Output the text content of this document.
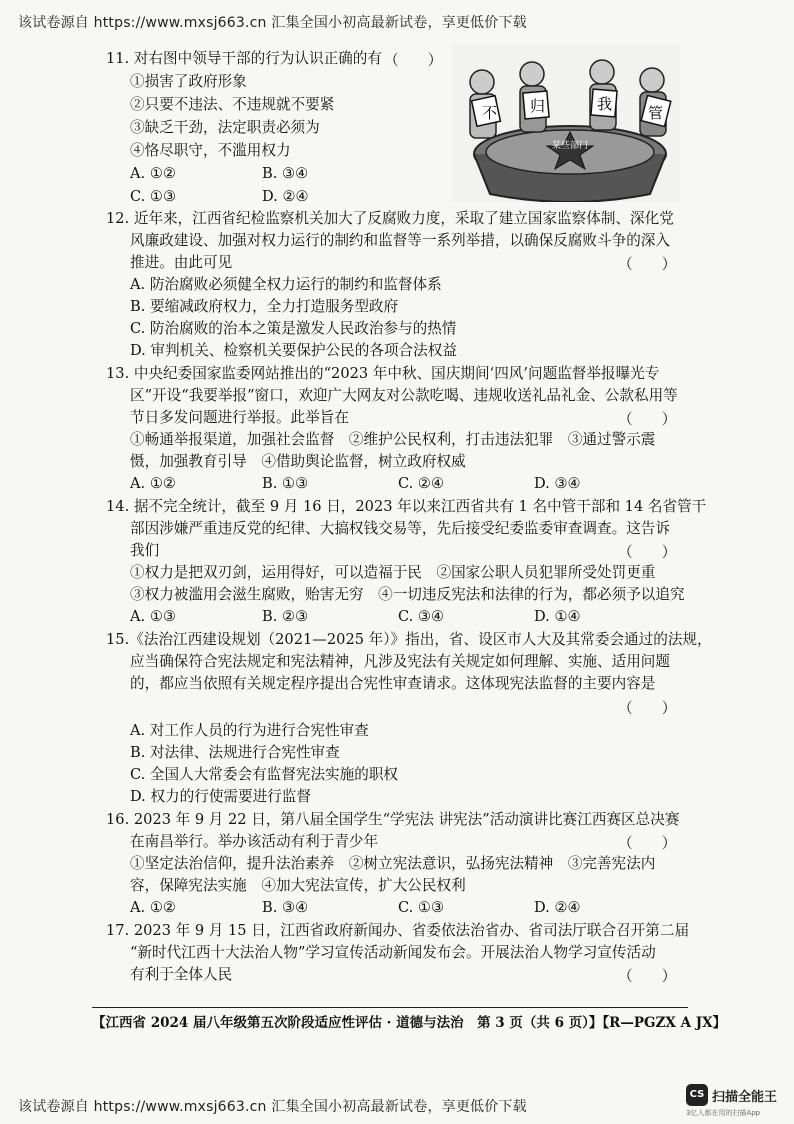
该试卷源自 https://www.mxsj663.cn 汇集全国小初高最新试卷，享更低价下载
不 归	我 管
某些部门
11. 对右图中领导干部的行为认识正确的有
①损害了政府形象
②只要不违法、不违规就不要紧
③缺乏干劲，法定职责必须为
④恪尽职守，不滥用权力
A. ①②	B. ③④
C. ①③	D. ②④
12. 近年来，江西省纪检监察机关加大了反腐败力度，采取了建立国家监察体制、深化党
风廉政建设、加强对权力运行的制约和监督等一系列举措，以确保反腐败斗争的深入
推进。由此可见
A. 防治腐败必须健全权力运行的制约和监督体系
B. 要缩减政府权力，全力打造服务型政府
C. 防治腐败的治本之策是激发人民政治参与的热情
D. 审判机关、检察机关要保护公民的各项合法权益
13. 中央纪委国家监委网站推出的“2023 年中秋、国庆期间‘四风’问题监督举报曝光专
区”开设“我要举报”窗口，欢迎广大网友对公款吃喝、违规收送礼品礼金、公款私用等
节日多发问题进行举报。此举旨在
①畅通举报渠道，加强社会监督　②维护公民权利，打击违法犯罪　③通过警示震
慑，加强教育引导　④借助舆论监督，树立政府权威
A. ①②	B. ①③	C. ②④	D. ③④
14. 据不完全统计，截至 9 月 16 日，2023 年以来江西省共有 1 名中管干部和 14 名省管干
部因涉嫌严重违反党的纪律、大搞权钱交易等，先后接受纪委监委审查调查。这告诉
我们
①权力是把双刃剑，运用得好，可以造福于民　②国家公职人员犯罪所受处罚更重
③权力被滥用会滋生腐败，贻害无穷　④一切违反宪法和法律的行为，都必须予以追究
A. ①③	B. ②③	C. ③④	D. ①④
15.《法治江西建设规划（2021—2025 年）》指出，省、设区市人大及其常委会通过的法规，
应当确保符合宪法规定和宪法精神，凡涉及宪法有关规定如何理解、实施、适用问题
的，都应当依照有关规定程序提出合宪性审查请求。这体现宪法监督的主要内容是
A. 对工作人员的行为进行合宪性审查
B. 对法律、法规进行合宪性审查
C. 全国人大常委会有监督宪法实施的职权
D. 权力的行使需要进行监督
16. 2023 年 9 月 22 日，第八届全国学生“学宪法 讲宪法”活动演讲比赛江西赛区总决赛
在南昌举行。举办该活动有利于青少年
①坚定法治信仰，提升法治素养　②树立宪法意识，弘扬宪法精神　③完善宪法内
容，保障宪法实施　④加大宪法宣传，扩大公民权利
A. ①②	B. ③④	C. ①③	D. ②④
17. 2023 年 9 月 15 日，江西省政府新闻办、省委依法治省办、省司法厅联合召开第二届
“新时代江西十大法治人物”学习宣传活动新闻发布会。开展法治人物学习宣传活动
有利于全体人民
（　　）
（　　）
（　　）
（　　）
（　　）
（　　）
（　　）
【江西省 2024 届八年级第五次阶段适应性评估 · 道德与法治　第 3 页（共 6 页）】【R—PGZX A JX】
该试卷源自 https://www.mxsj663.cn 汇集全国小初高最新试卷，享更低价下载
CS 扫描全能王
3亿人都在用的扫描App
